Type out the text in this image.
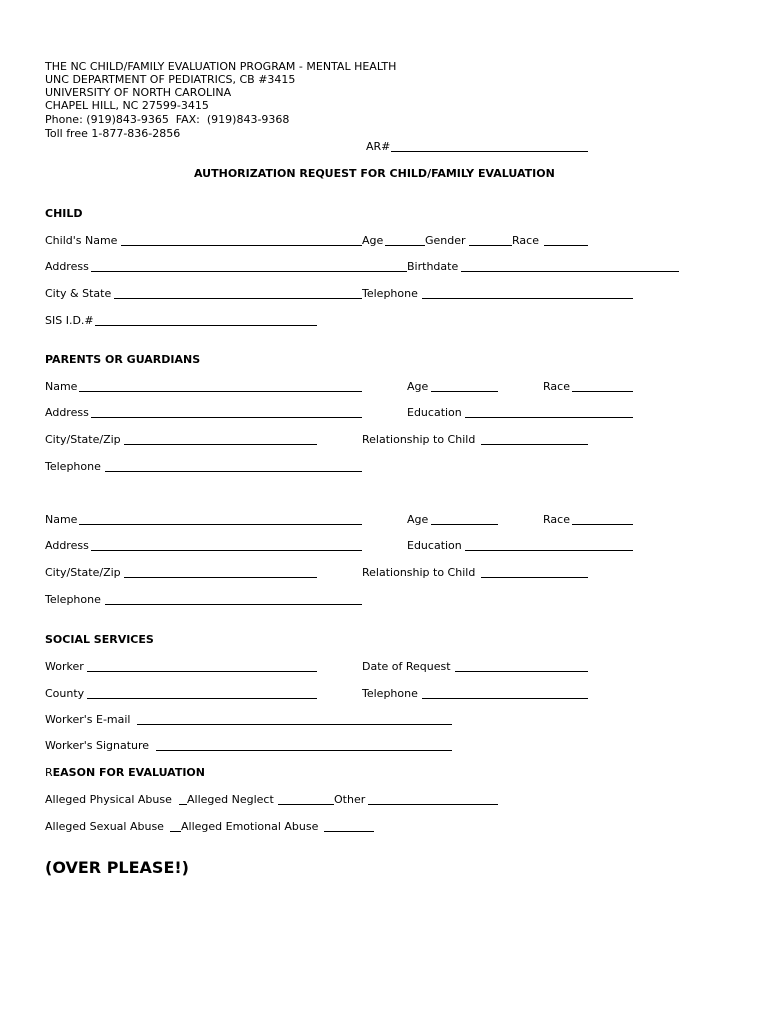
THE NC CHILD/FAMILY EVALUATION PROGRAM - MENTAL HEALTH
UNC DEPARTMENT OF PEDIATRICS, CB #3415
UNIVERSITY OF NORTH CAROLINA
CHAPEL HILL, NC 27599-3415
Phone: (919)843-9365  FAX:  (919)843-9368
Toll free 1-877-836-2856
AR#
AUTHORIZATION REQUEST FOR CHILD/FAMILY EVALUATION
CHILD
Child's Name	Age	Gender	Race
Address	Birthdate
City & State	Telephone
SIS I.D.#
PARENTS OR GUARDIANS
Name	Age	Race
Address	Education
City/State/Zip	Relationship to Child
Telephone
Name	Age	Race
Address	Education
City/State/Zip	Relationship to Child
Telephone
SOCIAL SERVICES
Worker	Date of Request
County	Telephone
Worker's E-mail
Worker's Signature
REASON FOR EVALUATION
Alleged Physical Abuse Alleged Neglect	Other
Alleged Sexual Abuse Alleged Emotional Abuse
(OVER PLEASE!)
